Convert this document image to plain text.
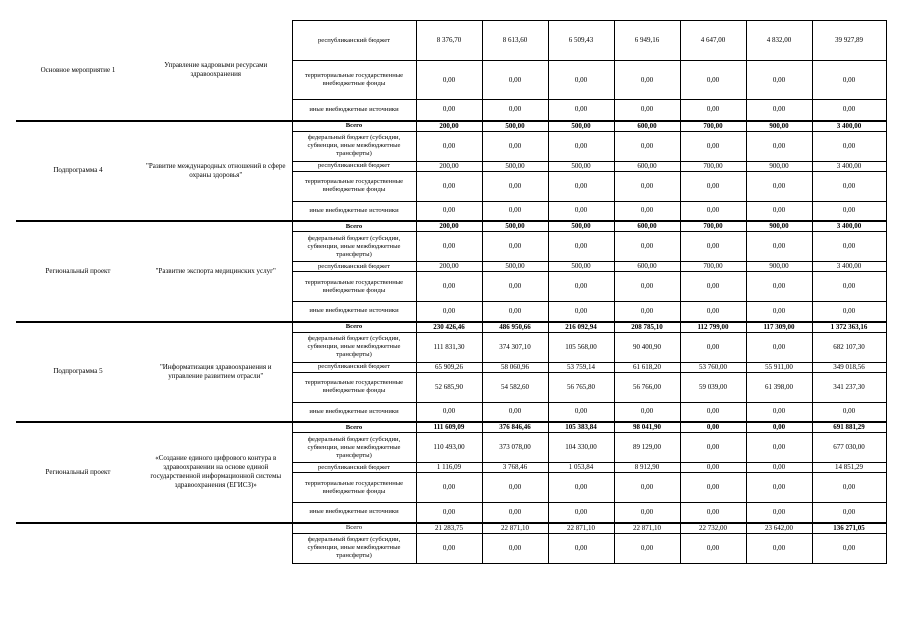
Основное мероприятие 1	Управление кадровыми ресурсами здравоохранения	республиканский бюджет	8 376,70	8 613,60	6 509,43	6 949,16	4 647,00	4 832,00	39 927,89
		территориальные государственные внебюджетные фонды	0,00	0,00	0,00	0,00	0,00	0,00	0,00
		иные внебюджетные источники	0,00	0,00	0,00	0,00	0,00	0,00	0,00
Подпрограмма 4	"Развитие международных отношений в сфере охраны здоровья"	Всего	200,00	500,00	500,00	600,00	700,00	900,00	3 400,00
		федеральный бюджет (субсидии, субвенции, иные межбюджетные трансферты)	0,00	0,00	0,00	0,00	0,00	0,00	0,00
		республиканский бюджет	200,00	500,00	500,00	600,00	700,00	900,00	3 400,00
		территориальные государственные внебюджетные фонды	0,00	0,00	0,00	0,00	0,00	0,00	0,00
		иные внебюджетные источники	0,00	0,00	0,00	0,00	0,00	0,00	0,00
Региональный проект	"Развитие экспорта медицинских услуг"	Всего	200,00	500,00	500,00	600,00	700,00	900,00	3 400,00
		федеральный бюджет (субсидии, субвенции, иные межбюджетные трансферты)	0,00	0,00	0,00	0,00	0,00	0,00	0,00
		республиканский бюджет	200,00	500,00	500,00	600,00	700,00	900,00	3 400,00
		территориальные государственные внебюджетные фонды	0,00	0,00	0,00	0,00	0,00	0,00	0,00
		иные внебюджетные источники	0,00	0,00	0,00	0,00	0,00	0,00	0,00
Подпрограмма 5	"Информатизация здравоохранения и управление развитием отрасли"	Всего	230 426,46	486 950,66	216 092,94	208 785,10	112 799,00	117 309,00	1 372 363,16
		федеральный бюджет (субсидии, субвенции, иные межбюджетные трансферты)	111 831,30	374 307,10	105 568,00	90 400,90	0,00	0,00	682 107,30
		республиканский бюджет	65 909,26	58 060,96	53 759,14	61 618,20	53 760,00	55 911,00	349 018,56
		территориальные государственные внебюджетные фонды	52 685,90	54 582,60	56 765,80	56 766,00	59 039,00	61 398,00	341 237,30
		иные внебюджетные источники	0,00	0,00	0,00	0,00	0,00	0,00	0,00
Региональный проект	«Создание единого цифрового контура в здравоохранении на основе единой государственной информационной системы здравоохранения (ЕГИСЗ)»	Всего	111 609,09	376 846,46	105 383,84	98 041,90	0,00	0,00	691 881,29
		федеральный бюджет (субсидии, субвенции, иные межбюджетные трансферты)	110 493,00	373 078,00	104 330,00	89 129,00	0,00	0,00	677 030,00
		республиканский бюджет	1 116,09	3 768,46	1 053,84	8 912,90	0,00	0,00	14 851,29
		территориальные государственные внебюджетные фонды	0,00	0,00	0,00	0,00	0,00	0,00	0,00
		иные внебюджетные источники	0,00	0,00	0,00	0,00	0,00	0,00	0,00
		Всего	21 283,75	22 871,10	22 871,10	22 871,10	22 732,00	23 642,00	136 271,05
		федеральный бюджет (субсидии, субвенции, иные межбюджетные трансферты)	0,00	0,00	0,00	0,00	0,00	0,00	0,00
